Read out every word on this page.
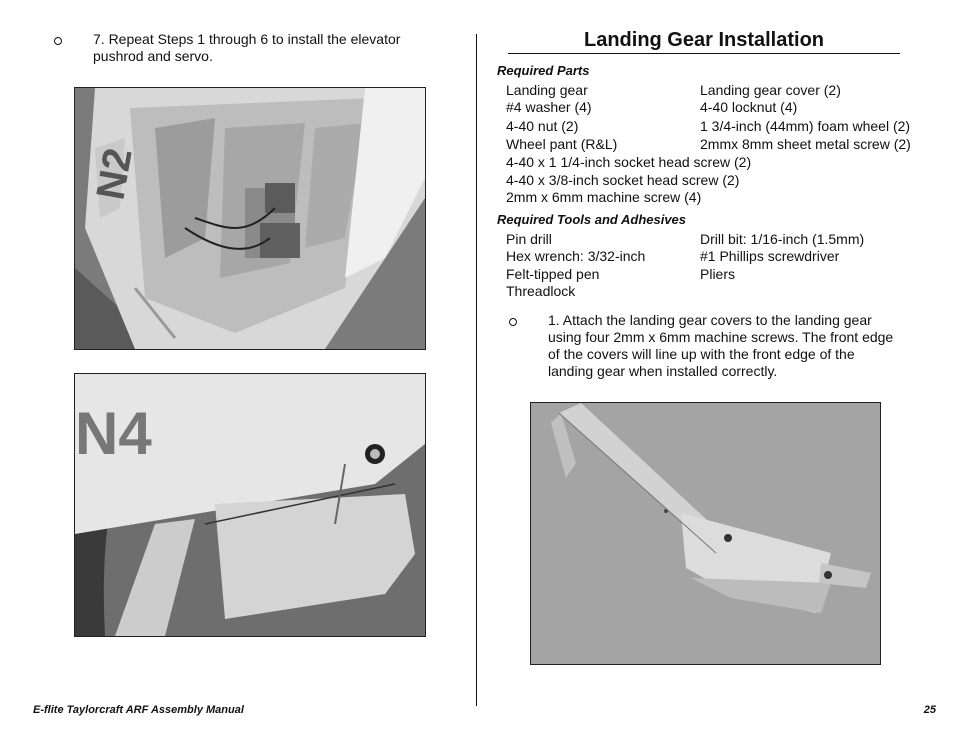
7. Repeat Steps 1 through 6 to install the elevator pushrod and servo.
N2
N4
Landing Gear Installation
Required Parts
Landing gear	Landing gear cover (2)
#4 washer (4)	4-40 locknut (4)
4-40 nut (2)	1 3/4-inch (44mm) foam wheel (2)
Wheel pant (R&L)	2mmx 8mm sheet metal screw (2)
4-40 x 1 1/4-inch socket head screw (2)
4-40 x 3/8-inch socket head screw (2)
2mm x 6mm machine screw (4)
Required Tools and Adhesives
Pin drill	Drill bit: 1/16-inch (1.5mm)
Hex wrench: 3/32-inch	#1 Phillips screwdriver
Felt-tipped pen	Pliers
Threadlock
1. Attach the landing gear covers to the landing gear using four 2mm x 6mm machine screws. The front edge of the covers will line up with the front edge of the landing gear when installed correctly.
E-flite Taylorcraft ARF Assembly Manual	25
